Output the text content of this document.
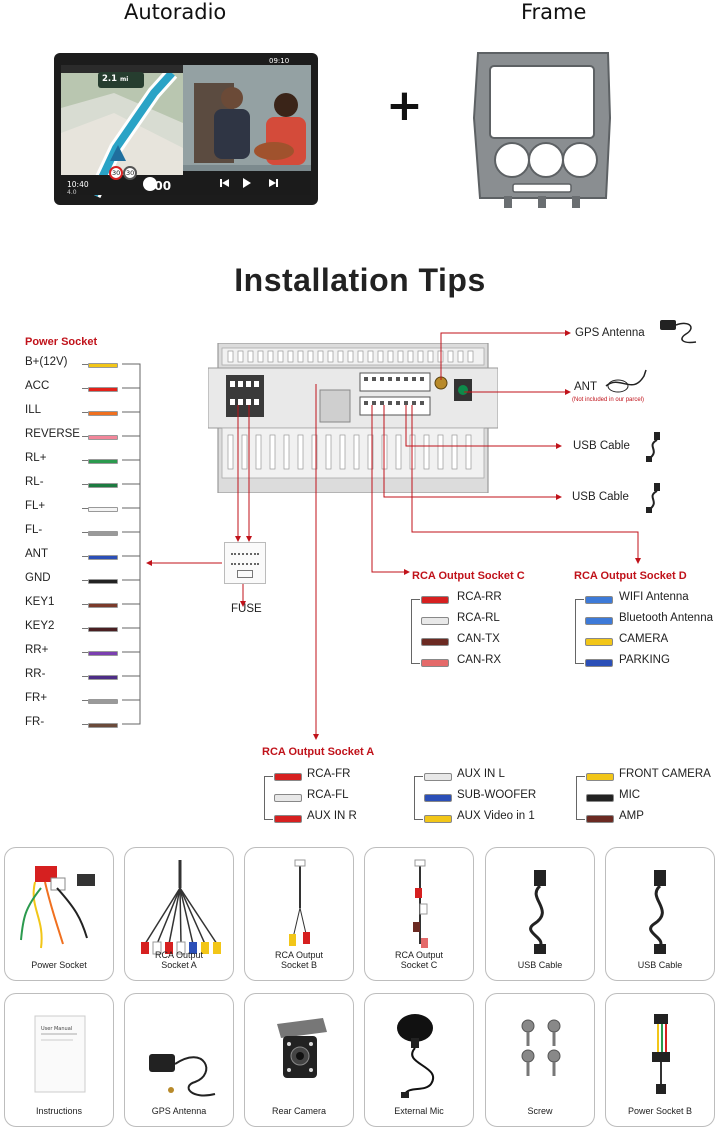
Autoradio	Frame
+
2.1 mi
09:10
10:40
4.0
30 30
800
Installation Tips
FUSE
Power Socket
B+(12V)
ACC
ILL
REVERSE
RL+
RL-
FL+
FL-
ANT
GND
KEY1
KEY2
RR+
RR-
FR+
FR-
GPS Antenna
ANT
(Not included in our parcel)
USB Cable
USB Cable
RCA Output Socket C
RCA-RR
RCA-RL
CAN-TX
CAN-RX
RCA Output Socket D
WIFI Antenna
Bluetooth Antenna
CAMERA
PARKING
RCA Output Socket A
RCA-FR
RCA-FL
AUX IN R
AUX IN L
SUB-WOOFER
AUX Video in 1
FRONT CAMERA
MIC
AMP
Power Socket
RCA Output
Socket A
RCA Output
Socket B
RCA Output
Socket C	USB Cable	USB Cable
User Manual
Instructions	GPS Antenna	Rear Camera	External Mic	Screw	Power Socket B
